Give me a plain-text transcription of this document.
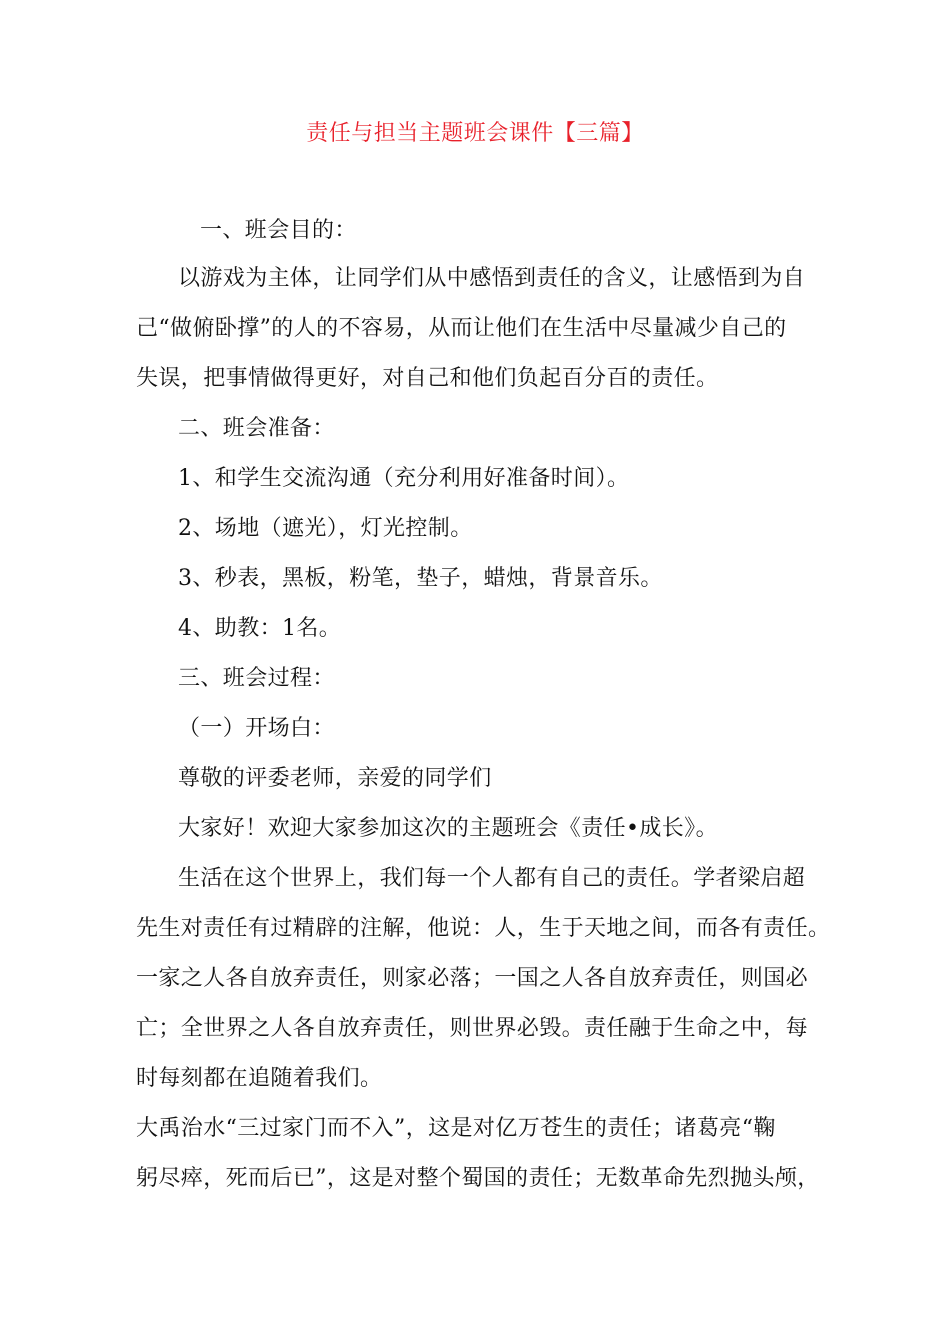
责任与担当主题班会课件【三篇】
一、班会目的：
以游戏为主体，让同学们从中感悟到责任的含义，让感悟到为自
己“做俯卧撑”的人的不容易，从而让他们在生活中尽量减少自己的
失误，把事情做得更好，对自己和他们负起百分百的责任。
二、班会准备：
1、和学生交流沟通（充分利用好准备时间）。
2、场地（遮光），灯光控制。
3、秒表，黑板，粉笔，垫子，蜡烛，背景音乐。
4、助教：1名。
三、班会过程：
（一）开场白：
尊敬的评委老师，亲爱的同学们
大家好！欢迎大家参加这次的主题班会《责任•成长》。
生活在这个世界上，我们每一个人都有自己的责任。学者梁启超
先生对责任有过精辟的注解，他说：人，生于天地之间，而各有责任。
一家之人各自放弃责任，则家必落；一国之人各自放弃责任，则国必
亡；全世界之人各自放弃责任，则世界必毁。责任融于生命之中，每
时每刻都在追随着我们。
大禹治水“三过家门而不入”，这是对亿万苍生的责任；诸葛亮“鞠
躬尽瘁，死而后已”，这是对整个蜀国的责任；无数革命先烈抛头颅，
